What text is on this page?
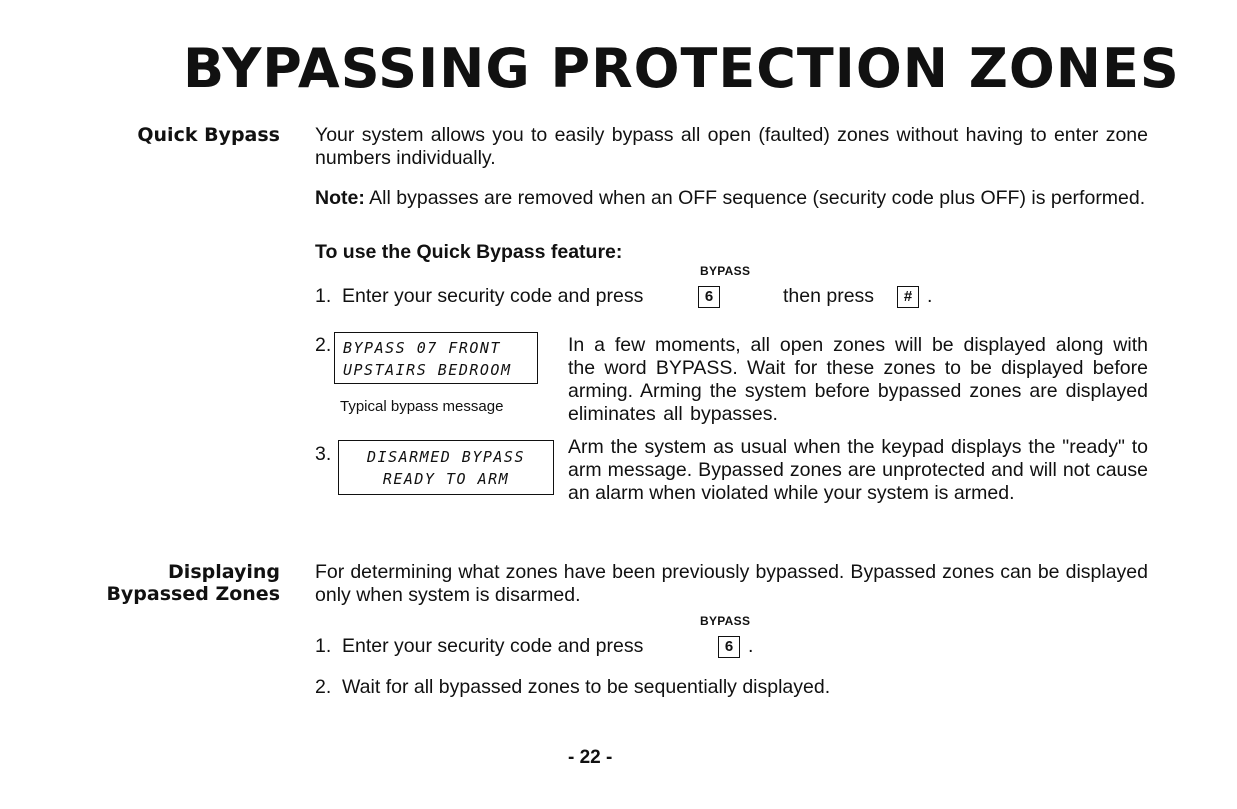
BYPASSING PROTECTION ZONES
Quick Bypass Your system allows you to easily bypass all open (faulted) zones without having to enter zone numbers individually.
Note: All bypasses are removed when an OFF sequence (security code plus OFF) is performed.
To use the Quick Bypass feature:
BYPASS
1. Enter your security code and press	6	then press	# .
2. BYPASS 07 FRONT
UPSTAIRS BEDROOM
Typical bypass message
In a few moments, all open zones will be displayed along with the word BYPASS. Wait for these zones to be displayed before arming. Arming the system before bypassed zones are displayed eliminates all bypasses.
3.	DISARMED BYPASS
READY TO ARM
Arm the system as usual when the keypad displays the "ready" to arm message. Bypassed zones are unprotected and will not cause an alarm when violated while your system is armed.
Displaying
Bypassed Zones
For determining what zones have been previously bypassed. Bypassed zones can be displayed only when system is disarmed.
BYPASS
1. Enter your security code and press	6 .
2. Wait for all bypassed zones to be sequentially displayed.
- 22 -
